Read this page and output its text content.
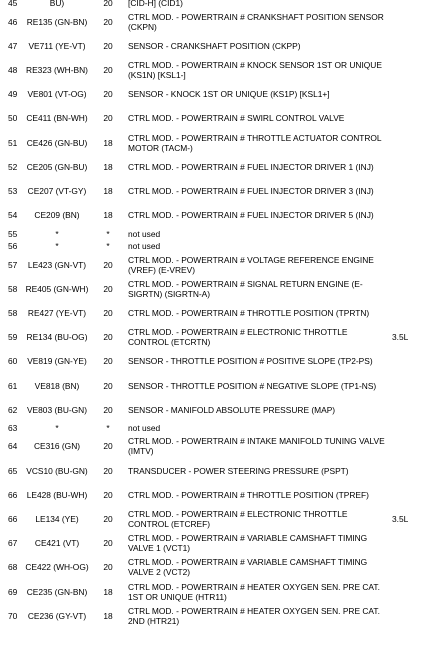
45	BU)	20	[CID-H] (CID1)
46	RE135 (GN-BN)	20	CTRL MOD. - POWERTRAIN # CRANKSHAFT POSITION SENSOR (CKPN)
47	VE711 (YE-VT)	20	SENSOR - CRANKSHAFT POSITION (CKPP)
48	RE323 (WH-BN)	20	CTRL MOD. - POWERTRAIN # KNOCK SENSOR 1ST OR UNIQUE (KS1N) [KSL1-]
49	VE801 (VT-OG)	20	SENSOR - KNOCK 1ST OR UNIQUE (KS1P) [KSL1+]
50	CE411 (BN-WH)	20	CTRL MOD. - POWERTRAIN # SWIRL CONTROL VALVE
51	CE426 (GN-BU)	18	CTRL MOD. - POWERTRAIN # THROTTLE ACTUATOR CONTROL MOTOR (TACM-)
52	CE205 (GN-BU)	18	CTRL MOD. - POWERTRAIN # FUEL INJECTOR DRIVER 1 (INJ)
53	CE207 (VT-GY)	18	CTRL MOD. - POWERTRAIN # FUEL INJECTOR DRIVER 3 (INJ)
54	CE209 (BN)	18	CTRL MOD. - POWERTRAIN # FUEL INJECTOR DRIVER 5 (INJ)
55	*	*	not used
56	*	*	not used
57	LE423 (GN-VT)	20	CTRL MOD. - POWERTRAIN # VOLTAGE REFERENCE ENGINE (VREF) (E-VREV)
58 RE405 (GN-WH)	20	CTRL MOD. - POWERTRAIN # SIGNAL RETURN ENGINE (E-SIGRTN) (SIGRTN-A)
58	RE427 (YE-VT)	20	CTRL MOD. - POWERTRAIN # THROTTLE POSITION (TPRTN)
59	RE134 (BU-OG)	20	CTRL MOD. - POWERTRAIN # ELECTRONIC THROTTLE CONTROL (ETCRTN)	3.5L
60	VE819 (GN-YE)	20	SENSOR - THROTTLE POSITION # POSITIVE SLOPE (TP2-PS)
61	VE818 (BN)	20	SENSOR - THROTTLE POSITION # NEGATIVE SLOPE (TP1-NS)
62	VE803 (BU-GN)	20	SENSOR - MANIFOLD ABSOLUTE PRESSURE (MAP)
63	*	*	not used
64	CE316 (GN)	20	CTRL MOD. - POWERTRAIN # INTAKE MANIFOLD TUNING VALVE (IMTV)
65	VCS10 (BU-GN)	20	TRANSDUCER - POWER STEERING PRESSURE (PSPT)
66	LE428 (BU-WH)	20	CTRL MOD. - POWERTRAIN # THROTTLE POSITION (TPREF)
66	LE134 (YE)	20	CTRL MOD. - POWERTRAIN # ELECTRONIC THROTTLE CONTROL (ETCREF)	3.5L
67	CE421 (VT)	20	CTRL MOD. - POWERTRAIN # VARIABLE CAMSHAFT TIMING VALVE 1 (VCT1)
68 CE422 (WH-OG)	20	CTRL MOD. - POWERTRAIN # VARIABLE CAMSHAFT TIMING VALVE 2 (VCT2)
69	CE235 (GN-BN)	18	CTRL MOD. - POWERTRAIN # HEATER OXYGEN SEN. PRE CAT. 1ST OR UNIQUE (HTR11)
70	CE236 (GY-VT)	18	CTRL MOD. - POWERTRAIN # HEATER OXYGEN SEN. PRE CAT. 2ND (HTR21)
